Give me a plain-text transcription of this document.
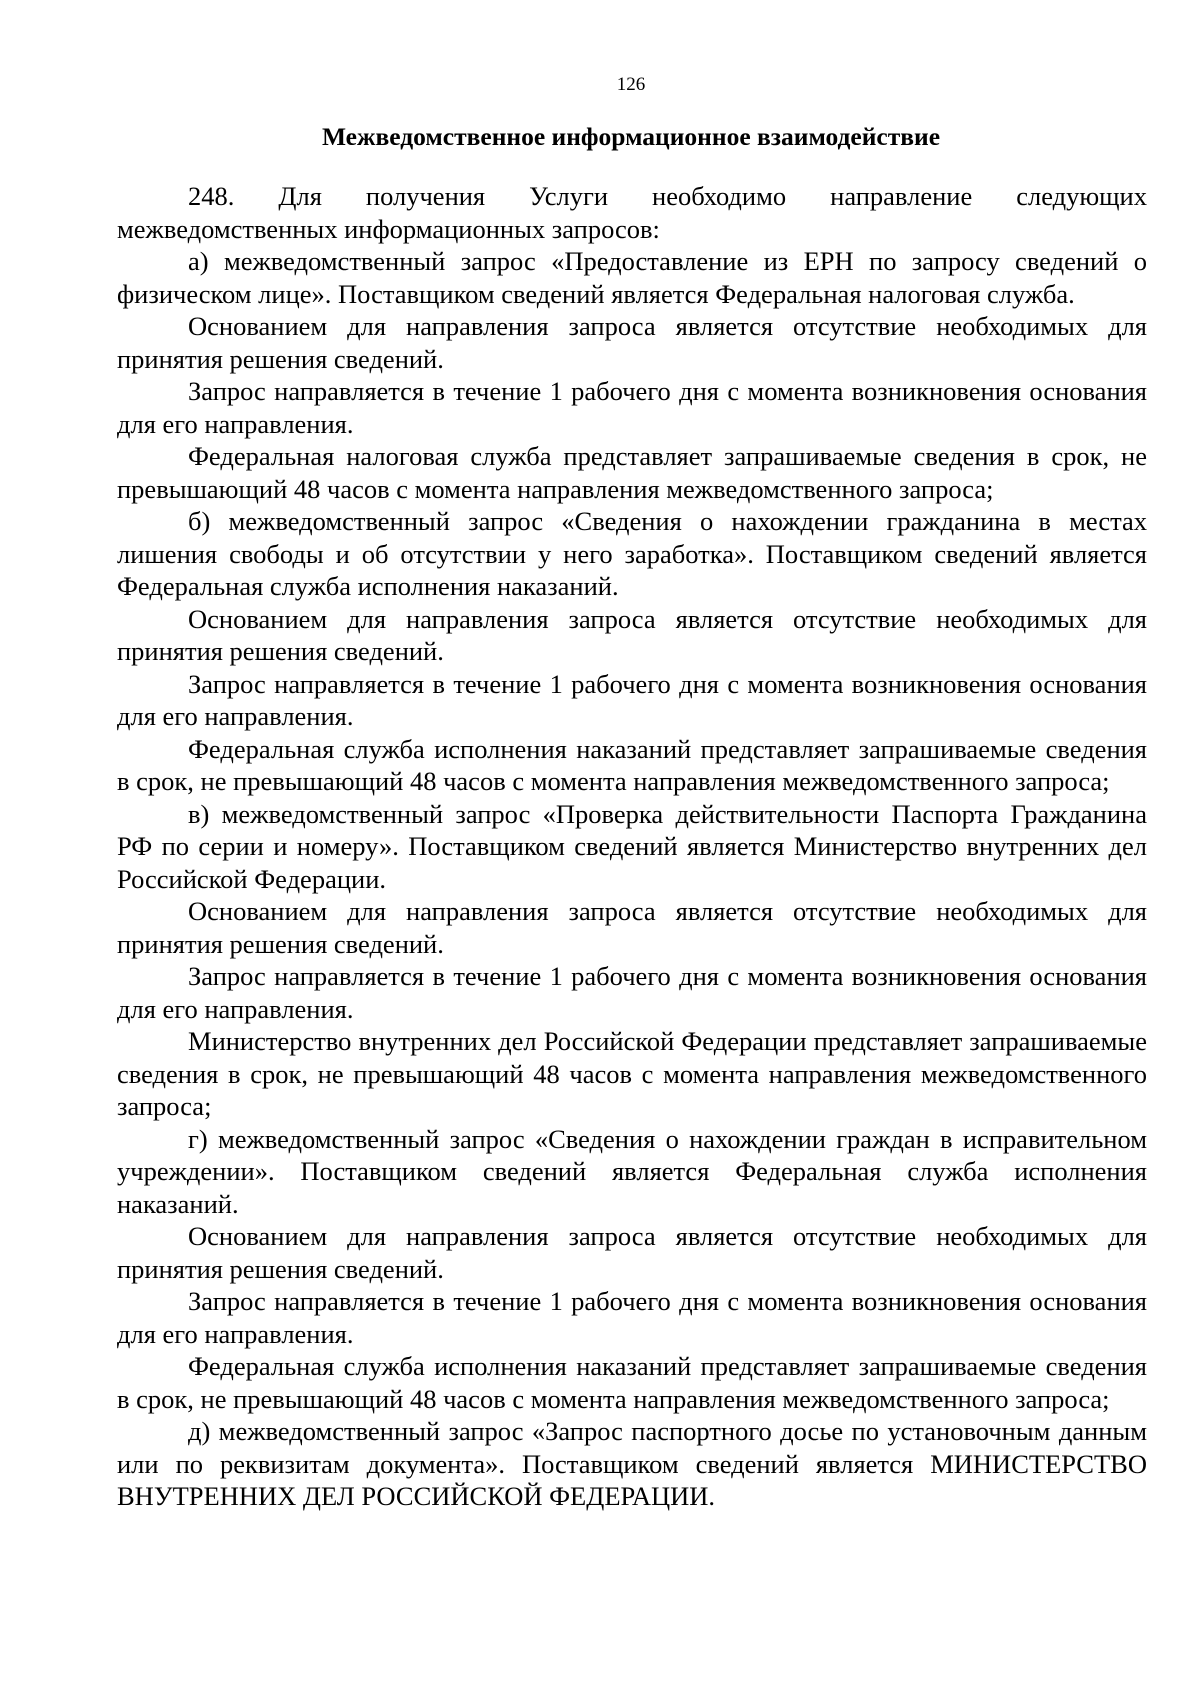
126
Межведомственное информационное взаимодействие

248. Для получения Услуги необходимо направление следующих межведомственных информационных запросов:

а) межведомственный запрос «Предоставление из ЕРН по запросу сведений о физическом лице». Поставщиком сведений является Федеральная налоговая служба.

Основанием для направления запроса является отсутствие необходимых для принятия решения сведений.

Запрос направляется в течение 1 рабочего дня с момента возникновения основания для его направления.

Федеральная налоговая служба представляет запрашиваемые сведения в срок, не превышающий 48 часов с момента направления межведомственного запроса;

б) межведомственный запрос «Сведения о нахождении гражданина в местах лишения свободы и об отсутствии у него заработка». Поставщиком сведений является Федеральная служба исполнения наказаний.

Основанием для направления запроса является отсутствие необходимых для принятия решения сведений.

Запрос направляется в течение 1 рабочего дня с момента возникновения основания для его направления.

Федеральная служба исполнения наказаний представляет запрашиваемые сведения в срок, не превышающий 48 часов с момента направления межведомственного запроса;

в) межведомственный запрос «Проверка действительности Паспорта Гражданина РФ по серии и номеру». Поставщиком сведений является Министерство внутренних дел Российской Федерации.

Основанием для направления запроса является отсутствие необходимых для принятия решения сведений.

Запрос направляется в течение 1 рабочего дня с момента возникновения основания для его направления.

Министерство внутренних дел Российской Федерации представляет запрашиваемые сведения в срок, не превышающий 48 часов с момента направления межведомственного запроса;

г) межведомственный запрос «Сведения о нахождении граждан в исправительном учреждении». Поставщиком сведений является Федеральная служба исполнения наказаний.

Основанием для направления запроса является отсутствие необходимых для принятия решения сведений.

Запрос направляется в течение 1 рабочего дня с момента возникновения основания для его направления.

Федеральная служба исполнения наказаний представляет запрашиваемые сведения в срок, не превышающий 48 часов с момента направления межведомственного запроса;

д) межведомственный запрос «Запрос паспортного досье по установочным данным или по реквизитам документа». Поставщиком сведений является МИНИСТЕРСТВО ВНУТРЕННИХ ДЕЛ РОССИЙСКОЙ ФЕДЕРАЦИИ.
